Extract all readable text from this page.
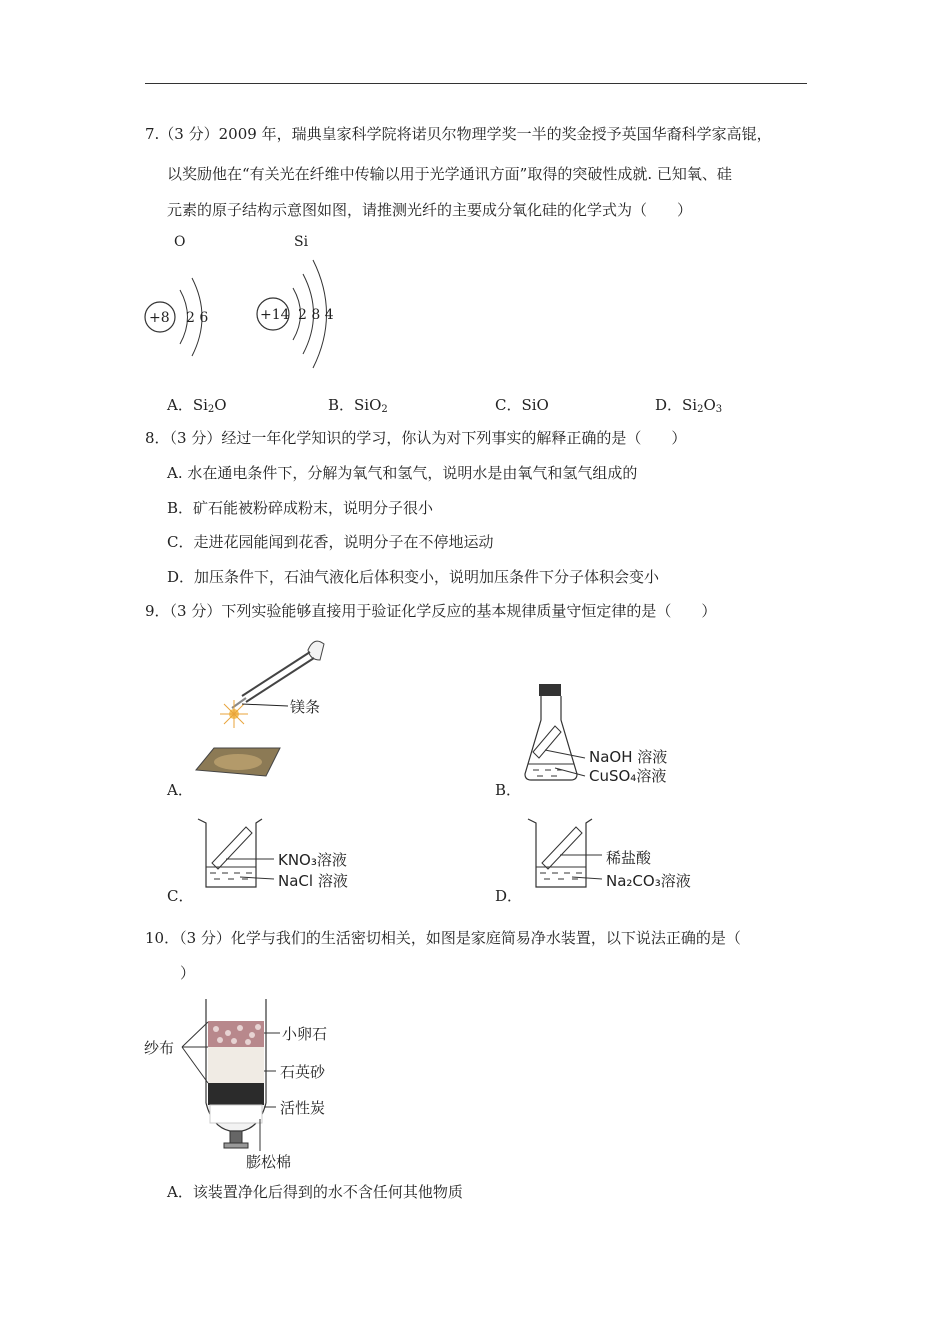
7.（3 分）2009 年，瑞典皇家科学院将诺贝尔物理学奖一半的奖金授予英国华裔科学家高锟，
以奖励他在“有关光在纤维中传输以用于光学通讯方面”取得的突破性成就. 已知氧、硅
元素的原子结构示意图如图，请推测光纤的主要成分氧化硅的化学式为（　　）
O
+8 2 6
Si
+14 2 8 4
A．$Si_2O$	B．SiO$_2$	C．SiO	D．$Si_2O_3$
8．（3 分）经过一年化学知识的学习，你认为对下列事实的解释正确的是（　　）
A. 水在通电条件下，分解为氧气和氢气，说明水是由氧气和氢气组成的
B．矿石能被粉碎成粉末，说明分子很小
C．走进花园能闻到花香，说明分子在不停地运动
D．加压条件下，石油气液化后体积变小，说明加压条件下分子体积会变小
9．（3 分）下列实验能够直接用于验证化学反应的基本规律质量守恒定律的是（　　）
镁条
A．
NaOH 溶液
CuSO₄溶液
B．
KNO₃溶液
NaCl 溶液
C．
稀盐酸
Na₂CO₃溶液
D．
10．（3 分）化学与我们的生活密切相关，如图是家庭简易净水装置，以下说法正确的是（
）
纱布
小卵石
石英砂
活性炭
膨松棉
A．该装置净化后得到的水不含任何其他物质
